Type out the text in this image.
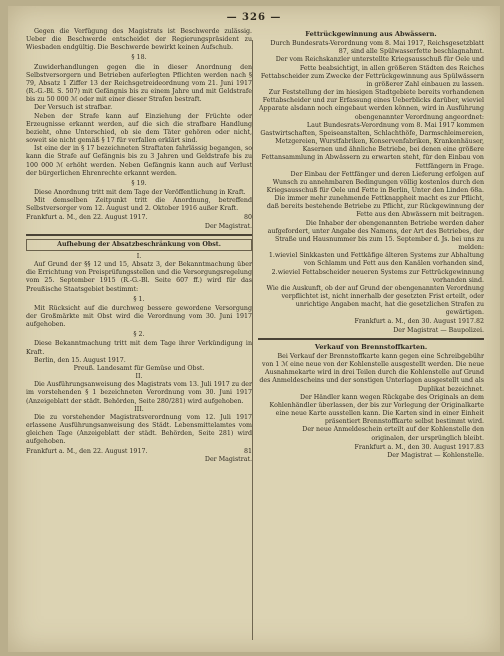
— 326 —

Gegen die Verfügung des Magistrats ist Beschwerde zulässig. Ueber die Beschwerde entscheidet der Regierungspräsident zu Wiesbaden endgültig. Die Beschwerde bewirkt keinen Aufschub.

§ 18.

Zuwiderhandlungen gegen die in dieser Anordnung den Selbstversorgern und Betrieben auferlegten Pflichten werden nach § 79, Absatz 1 Ziffer 13 der Reichsgetreideordnung vom 21. Juni 1917 (R.-G.-Bl. S. 507) mit Gefängnis bis zu einem Jahre und mit Geldstrafe bis zu 50 000 ℳ oder mit einer dieser Strafen bestraft.

Der Versuch ist strafbar.

Neben der Strafe kann auf Einziehung der Früchte oder Erzeugnisse erkannt werden, auf die sich die strafbare Handlung bezieht, ohne Unterschied, ob sie dem Täter gehören oder nicht, soweit sie nicht gemäß § 17 für verfallen erklärt sind.

Ist eine der in § 17 bezeichneten Straftaten fahrlässig begangen, so kann die Strafe auf Gefängnis bis zu 3 Jahren und Geldstrafe bis zu 100 000 ℳ erhöht werden. Neben Gefängnis kann auch auf Verlust der bürgerlichen Ehrenrechte erkannt werden.

§ 19.

Diese Anordnung tritt mit dem Tage der Veröffentlichung in Kraft.

Mit demselben Zeitpunkt tritt die Anordnung, betreffend Selbstversorger vom 12. August und 2. Oktober 1916 außer Kraft.

Frankfurt a. M., den 22. August 1917.	80
Der Magistrat.
Aufhebung der Absatzbeschränkung von Obst.

I.

Auf Grund der §§ 12 und 15, Absatz 3, der Bekanntmachung über die Errichtung von Preisprüfungsstellen und die Versorgungsregelung vom 25. September 1915 (R.-G.-Bl. Seite 607 ff.) wird für das Preußische Staatsgebiet bestimmt:

§ 1.

Mit Rücksicht auf die durchweg bessere gewordene Versorgung der Großmärkte mit Obst wird die Verordnung vom 30. Juni 1917 aufgehoben.

§ 2.

Diese Bekanntmachung tritt mit dem Tage ihrer Verkündigung in Kraft.

Berlin, den 15. August 1917.

Preuß. Landesamt für Gemüse und Obst.

II.

Die Ausführungsanweisung des Magistrats vom 13. Juli 1917 zu der im vorstehenden § 1 bezeichneten Verordnung vom 30. Juni 1917 (Anzeigeblatt der städt. Behörden, Seite 280/281) wird aufgehoben.

III.

Die zu vorstehender Magistratsverordnung vom 12. Juli 1917 erlassene Ausführungsanweisung des Städt. Lebensmittelamtes vom gleichen Tage (Anzeigeblatt der städt. Behörden, Seite 281) wird aufgehoben.

Frankfurt a. M., den 22. August 1917.	81
Der Magistrat.

Fettrückgewinnung aus Abwässern.

Durch Bundesrats-Verordnung vom 8. Mai 1917, Reichsgesetzblatt 87, sind alle Spülwasserfette beschlagnahmt.

Der vom Reichskanzler unterstellte Kriegsausschuß für Oele und Fette beabsichtigt, in allen größeren Städten des Reiches Fettabscheider zum Zwecke der Fettrückgewinnung aus Spülwässern in größerer Zahl einbauen zu lassen.

Zur Feststellung der im hiesigen Stadtgebiete bereits vorhandenen Fettabscheider und zur Erfassung eines Ueberblicks darüber, wieviel Apparate alsdann noch eingebaut werden können, wird in Ausführung obengenannter Verordnung angeordnet:

Laut Bundesrats-Verordnung vom 8. Mai 1917 kommen Gastwirtschaften, Speiseanstalten, Schlachthöfe, Darmschleimereien, Metzgereien, Wurstfabriken, Konservenfabriken, Krankenhäuser, Kasernen und ähnliche Betriebe, bei denen eine größere Fettansammlung in Abwässern zu erwarten steht, für den Einbau von Fettfängern in Frage.

Der Einbau der Fettfänger und deren Lieferung erfolgen auf Wunsch zu annehmbaren Bedingungen völlig kostenlos durch den Kriegsausschuß für Oele und Fette in Berlin, Unter den Linden 68a.

Die immer mehr zunehmende Fettknappheit macht es zur Pflicht, daß bereits bestehende Betriebe zu Pflicht, zur Rückgewinnung der Fette aus den Abwässern mit beitragen.

Die Inhaber der obengenannten Betriebe werden daher aufgefordert, unter Angabe des Namens, der Art des Betriebes, der Straße und Hausnummer bis zum 15. September d. Js. bei uns zu melden:

1.wieviel Sinkkasten und Fettkäfige älteren Systems zur Abhaltung von Schlamm und Fett aus den Kanälen vorhanden sind,

2.wieviel Fettabscheider neueren Systems zur Fettrückgewinnung vorhanden sind.

Wie die Auskunft, ob der auf Grund der obengenannten Verordnung verpflichtet ist, nicht innerhalb der gesetzten Frist erteilt, oder unrichtige Angaben macht, hat die gesetzlichen Strafen zu gewärtigen.

Frankfurt a. M., den 30. August 1917. 82
Der Magistrat — Baupolizei.

Verkauf von Brennstoffkarten.

Bei Verkauf der Brennstoffkarte kann gegen eine Schreibgebühr von 1 ℳ eine neue von der Kohlenstelle ausgestellt werden. Die neue Ausnahmekarte wird in drei Teilen durch die Kohlenstelle auf Grund des Anmeldescheins und der sonstigen Unterlagen ausgestellt und als Duplikat bezeichnet.

Der Händler kann wegen Rückgabe des Originals an dem Kohlenhändler überlassen, der bis zur Vorlegung der Originalkarte eine neue Karte ausstellen kann. Die Karten sind in einer Einheit präsentiert Brennstoffkarte selbst bestimmt wird.

Der neue Anmeldeschein erteilt auf der Kohlenstelle den originalen, der ursprünglich bleibt.

Frankfurt a. M., den 30. August 1917. 83
Der Magistrat — Kohlenstelle.
